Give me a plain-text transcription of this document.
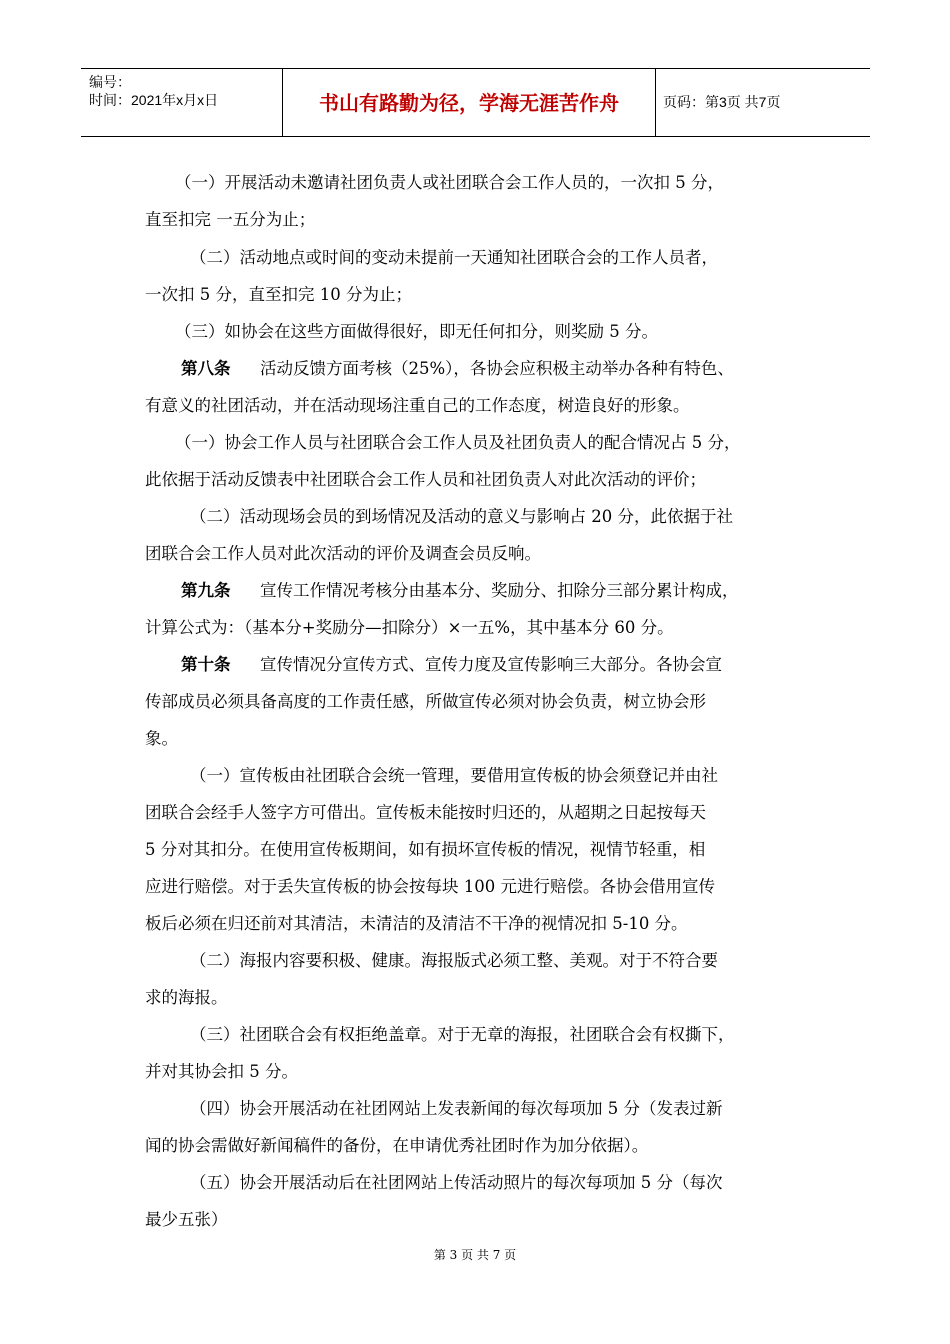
编号：
时间：2021年x月x日	书山有路勤为径，学海无涯苦作舟	页码：第3页 共7页
（一）开展活动未邀请社团负责人或社团联合会工作人员的，一次扣 5 分，
直至扣完 一五分为止；
（二）活动地点或时间的变动未提前一天通知社团联合会的工作人员者，
一次扣 5 分，直至扣完 10 分为止；
（三）如协会在这些方面做得很好，即无任何扣分，则奖励 5 分。
第八条 活动反馈方面考核（25%），各协会应积极主动举办各种有特色、
有意义的社团活动，并在活动现场注重自己的工作态度，树造良好的形象。
（一）协会工作人员与社团联合会工作人员及社团负责人的配合情况占 5 分，
此依据于活动反馈表中社团联合会工作人员和社团负责人对此次活动的评价；
（二）活动现场会员的到场情况及活动的意义与影响占 20 分，此依据于社
团联合会工作人员对此次活动的评价及调查会员反响。
第九条 宣传工作情况考核分由基本分、奖励分、扣除分三部分累计构成，
计算公式为：（基本分+奖励分—扣除分）×一五%，其中基本分 60 分。
第十条 宣传情况分宣传方式、宣传力度及宣传影响三大部分。各协会宣
传部成员必须具备高度的工作责任感，所做宣传必须对协会负责，树立协会形
象。
（一）宣传板由社团联合会统一管理，要借用宣传板的协会须登记并由社
团联合会经手人签字方可借出。宣传板未能按时归还的，从超期之日起按每天
5 分对其扣分。在使用宣传板期间，如有损坏宣传板的情况，视情节轻重，相
应进行赔偿。对于丢失宣传板的协会按每块 100 元进行赔偿。各协会借用宣传
板后必须在归还前对其清洁，未清洁的及清洁不干净的视情况扣 5-10 分。
（二）海报内容要积极、健康。海报版式必须工整、美观。对于不符合要
求的海报。
（三）社团联合会有权拒绝盖章。对于无章的海报，社团联合会有权撕下，
并对其协会扣 5 分。
（四）协会开展活动在社团网站上发表新闻的每次每项加 5 分（发表过新
闻的协会需做好新闻稿件的备份，在申请优秀社团时作为加分依据）。
（五）协会开展活动后在社团网站上传活动照片的每次每项加 5 分（每次
最少五张）
第 3 页 共 7 页
